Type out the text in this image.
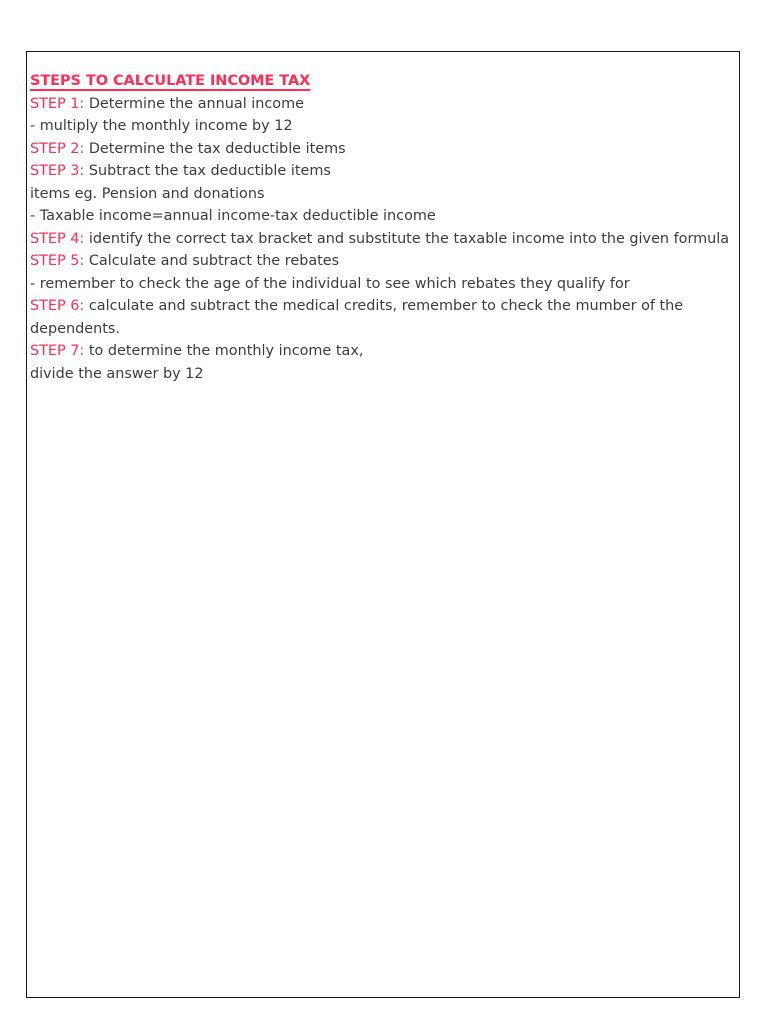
STEPS TO CALCULATE INCOME TAX
STEP 1: Determine the annual income
- multiply the monthly income by 12
STEP 2: Determine the tax deductible items
STEP 3: Subtract the tax deductible items
items eg. Pension and donations
- Taxable income=annual income-tax deductible income
STEP 4: identify the correct tax bracket and substitute the taxable income into the given formula
STEP 5: Calculate and subtract the rebates
- remember to check the age of the individual to see which rebates they qualify for
STEP 6: calculate and subtract the medical credits, remember to check the mumber of the dependents.
STEP 7: to determine the monthly income tax,
divide the answer by 12
